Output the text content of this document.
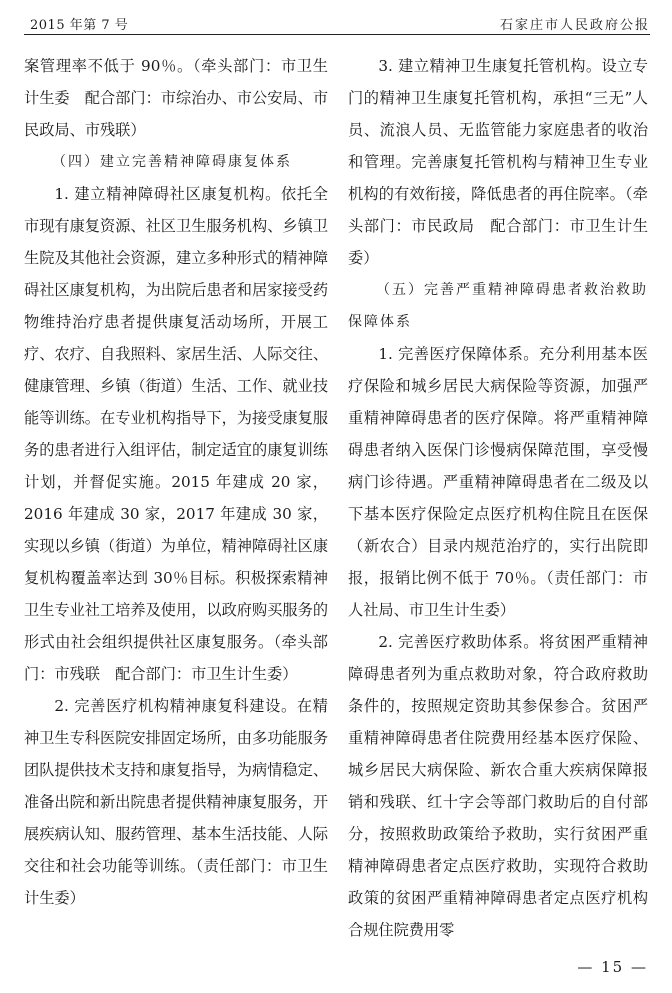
2015 年第 7 号	石家庄市人民政府公报

案管理率不低于 90％。（牵头部门：市卫生计生委　配合部门：市综治办、市公安局、市民政局、市残联）

（四）建立完善精神障碍康复体系

1. 建立精神障碍社区康复机构。依托全市现有康复资源、社区卫生服务机构、乡镇卫生院及其他社会资源，建立多种形式的精神障碍社区康复机构，为出院后患者和居家接受药物维持治疗患者提供康复活动场所，开展工疗、农疗、自我照料、家居生活、人际交往、健康管理、乡镇（街道）生活、工作、就业技能等训练。在专业机构指导下，为接受康复服务的患者进行入组评估，制定适宜的康复训练计划，并督促实施。2015 年建成 20 家，2016 年建成 30 家，2017 年建成 30 家，实现以乡镇（街道）为单位，精神障碍社区康复机构覆盖率达到 30％目标。积极探索精神卫生专业社工培养及使用，以政府购买服务的形式由社会组织提供社区康复服务。（牵头部门：市残联　配合部门：市卫生计生委）

2. 完善医疗机构精神康复科建设。在精神卫生专科医院安排固定场所，由多功能服务团队提供技术支持和康复指导，为病情稳定、准备出院和新出院患者提供精神康复服务，开展疾病认知、服药管理、基本生活技能、人际交往和社会功能等训练。（责任部门：市卫生计生委）

3. 建立精神卫生康复托管机构。设立专门的精神卫生康复托管机构，承担“三无”人员、流浪人员、无监管能力家庭患者的收治和管理。完善康复托管机构与精神卫生专业机构的有效衔接，降低患者的再住院率。（牵头部门：市民政局　配合部门：市卫生计生委）

（五）完善严重精神障碍患者救治救助保障体系

1. 完善医疗保障体系。充分利用基本医疗保险和城乡居民大病保险等资源，加强严重精神障碍患者的医疗保障。将严重精神障碍患者纳入医保门诊慢病保障范围，享受慢病门诊待遇。严重精神障碍患者在二级及以下基本医疗保险定点医疗机构住院且在医保（新农合）目录内规范治疗的，实行出院即报，报销比例不低于 70％。（责任部门：市人社局、市卫生计生委）

2. 完善医疗救助体系。将贫困严重精神障碍患者列为重点救助对象，符合政府救助条件的，按照规定资助其参保参合。贫困严重精神障碍患者住院费用经基本医疗保险、城乡居民大病保险、新农合重大疾病保障报销和残联、红十字会等部门救助后的自付部分，按照救助政策给予救助，实行贫困严重精神障碍患者定点医疗救助，实现符合救助政策的贫困严重精神障碍患者定点医疗机构合规住院费用零

— 15 —
